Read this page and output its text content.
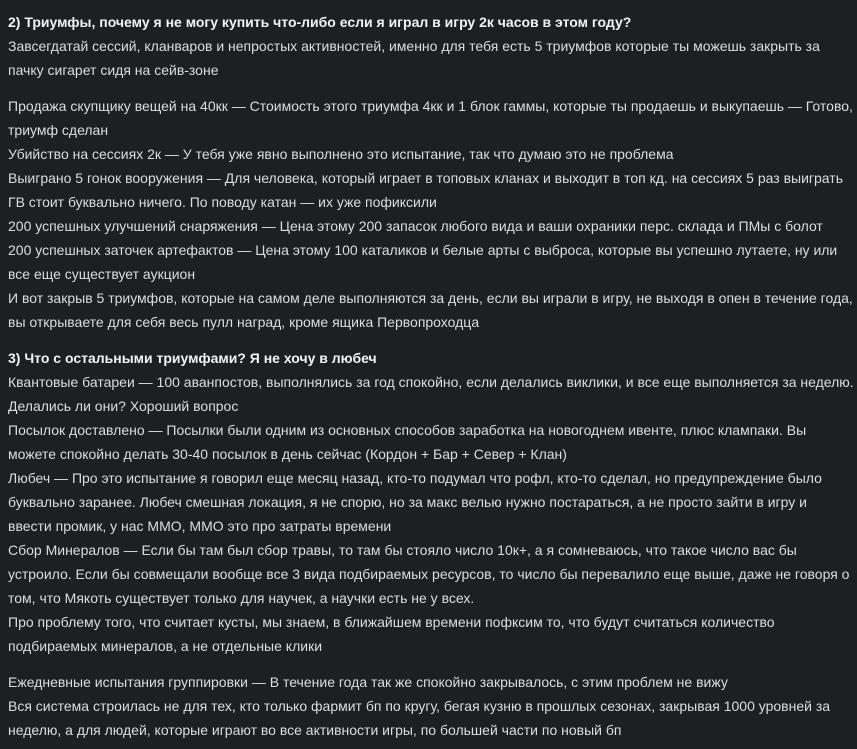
2) Триумфы, почему я не могу купить что-либо если я играл в игру 2к часов в этом году?

Завсегдатай сессий, кланваров и непростых активностей, именно для тебя есть 5 триумфов которые ты можешь закрыть за пачку сигарет сидя на сейв-зоне

Продажа скупщику вещей на 40кк — Стоимость этого триумфа 4кк и 1 блок гаммы, которые ты продаешь и выкупаешь — Готово, триумф сделан

Убийство на сессиях 2к — У тебя уже явно выполнено это испытание, так что думаю это не проблема

Выиграно 5 гонок вооружения — Для человека, который играет в топовых кланах и выходит в топ кд. на сессиях 5 раз выиграть ГВ стоит буквально ничего. По поводу катан — их уже пофиксили

200 успешных улучшений снаряжения — Цена этому 200 запасок любого вида и ваши охраники перс. склада и ПМы с болот

200 успешных заточек артефактов — Цена этому 100 каталиков и белые арты с выброса, которые вы успешно лутаете, ну или все еще существует аукцион

И вот закрыв 5 триумфов, которые на самом деле выполняются за день, если вы играли в игру, не выходя в опен в течение года, вы открываете для себя весь пулл наград, кроме ящика Первопроходца

3) Что с остальными триумфами? Я не хочу в любеч

Квантовые батареи — 100 аванпостов, выполнялись за год спокойно, если делались виклики, и все еще выполняется за неделю. Делались ли они? Хороший вопрос

Посылок доставлено — Посылки были одним из основных способов заработка на новогоднем ивенте, плюс клампаки. Вы можете спокойно делать 30-40 посылок в день сейчас (Кордон + Бар + Север + Клан)

Любеч — Про это испытание я говорил еще месяц назад, кто-то подумал что рофл, кто-то сделал, но предупреждение было буквально заранее. Любеч смешная локация, я не спорю, но за макс велью нужно постараться, а не просто зайти в игру и ввести промик, у нас ММО, ММО это про затраты времени

Сбор Минералов — Если бы там был сбор травы, то там бы стояло число 10к+, а я сомневаюсь, что такое число вас бы устроило. Если бы совмещали вообще все 3 вида подбираемых ресурсов, то число бы перевалило еще выше, даже не говоря о том, что Мякоть существует только для научек, а научки есть не у всех.

Про проблему того, что считает кусты, мы знаем, в ближайшем времени пофксим то, что будут считаться количество подбираемых минералов, а не отдельные клики

Ежедневные испытания группировки — В течение года так же спокойно закрывалось, с этим проблем не вижу

Вся система строилась не для тех, кто только фармит бп по кругу, бегая кузню в прошлых сезонах, закрывая 1000 уровней за неделю, а для людей, которые играют во все активности игры, по большей части по новый бп
